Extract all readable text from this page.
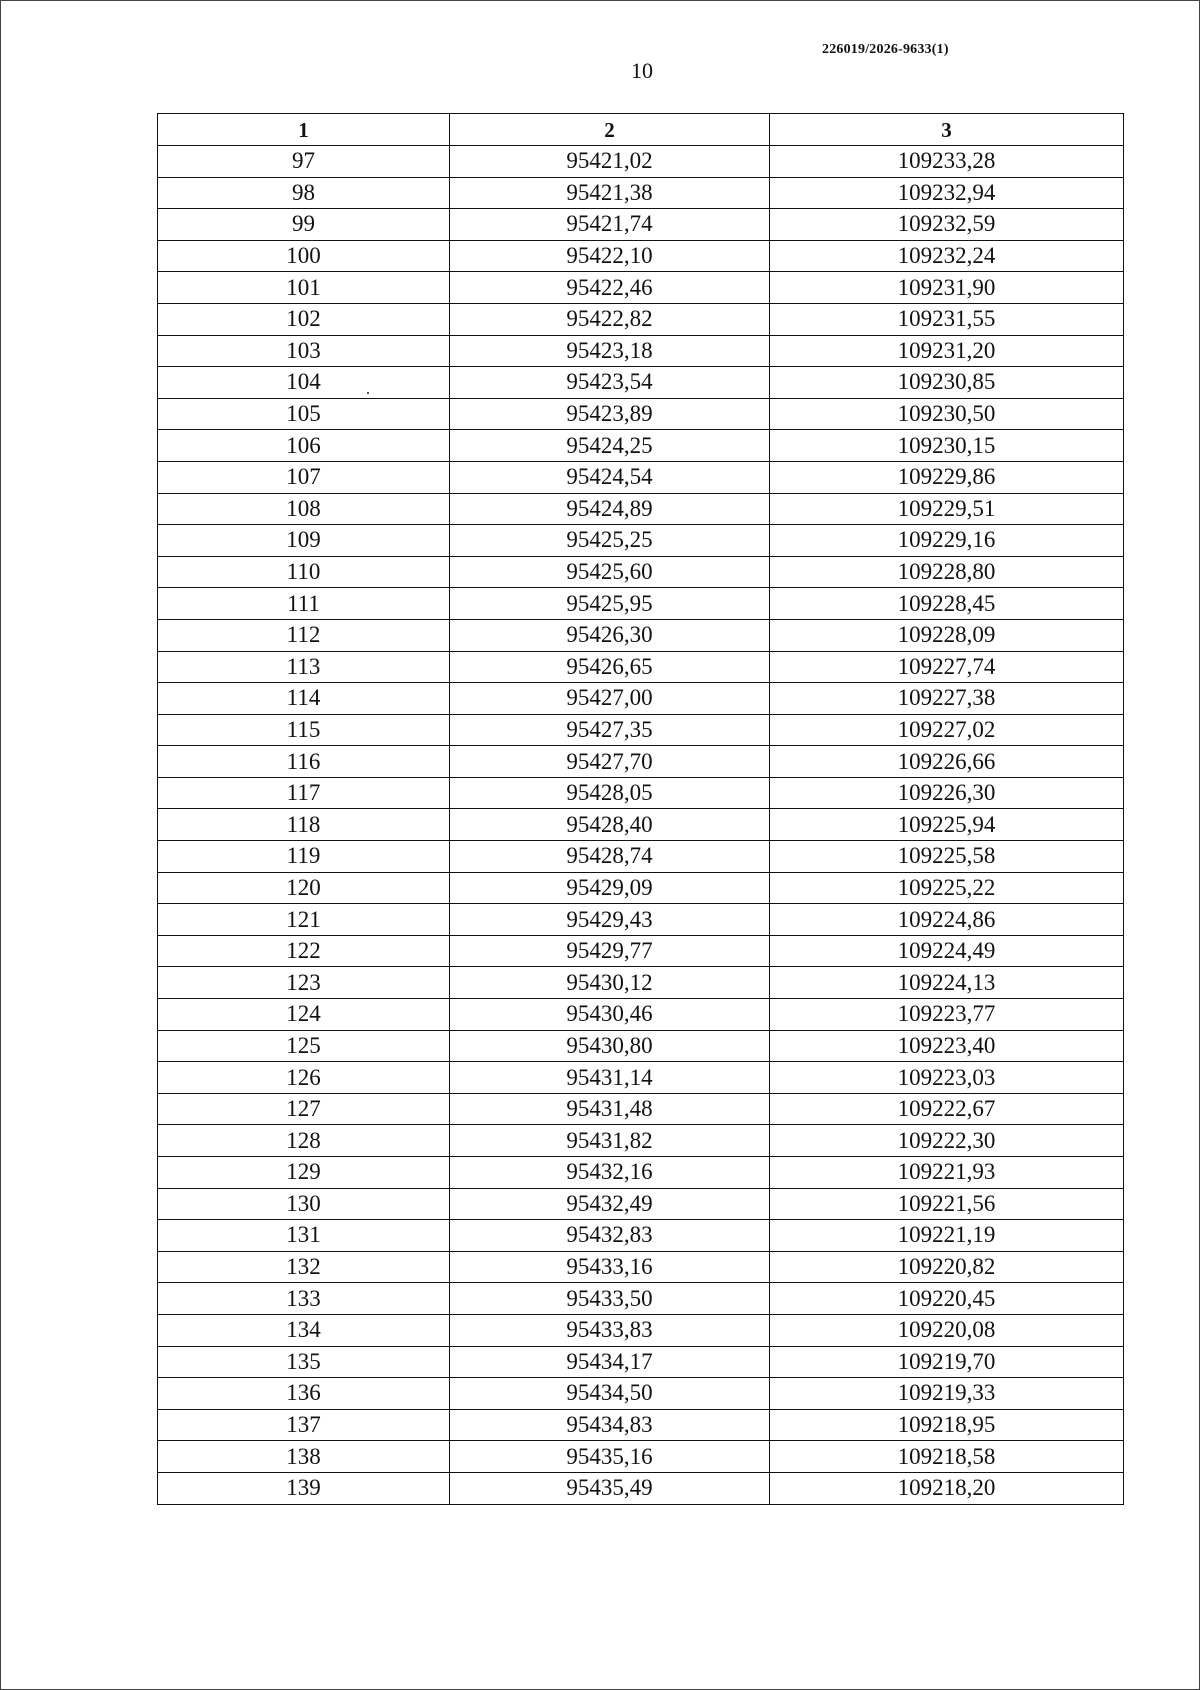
226019/2026-9633(1)
10
1	2	3
97	95421,02	109233,28
98	95421,38	109232,94
99	95421,74	109232,59
100	95422,10	109232,24
101	95422,46	109231,90
102	95422,82	109231,55
103	95423,18	109231,20
104	95423,54	109230,85
105	95423,89	109230,50
106	95424,25	109230,15
107	95424,54	109229,86
108	95424,89	109229,51
109	95425,25	109229,16
110	95425,60	109228,80
111	95425,95	109228,45
112	95426,30	109228,09
113	95426,65	109227,74
114	95427,00	109227,38
115	95427,35	109227,02
116	95427,70	109226,66
117	95428,05	109226,30
118	95428,40	109225,94
119	95428,74	109225,58
120	95429,09	109225,22
121	95429,43	109224,86
122	95429,77	109224,49
123	95430,12	109224,13
124	95430,46	109223,77
125	95430,80	109223,40
126	95431,14	109223,03
127	95431,48	109222,67
128	95431,82	109222,30
129	95432,16	109221,93
130	95432,49	109221,56
131	95432,83	109221,19
132	95433,16	109220,82
133	95433,50	109220,45
134	95433,83	109220,08
135	95434,17	109219,70
136	95434,50	109219,33
137	95434,83	109218,95
138	95435,16	109218,58
139	95435,49	109218,20
